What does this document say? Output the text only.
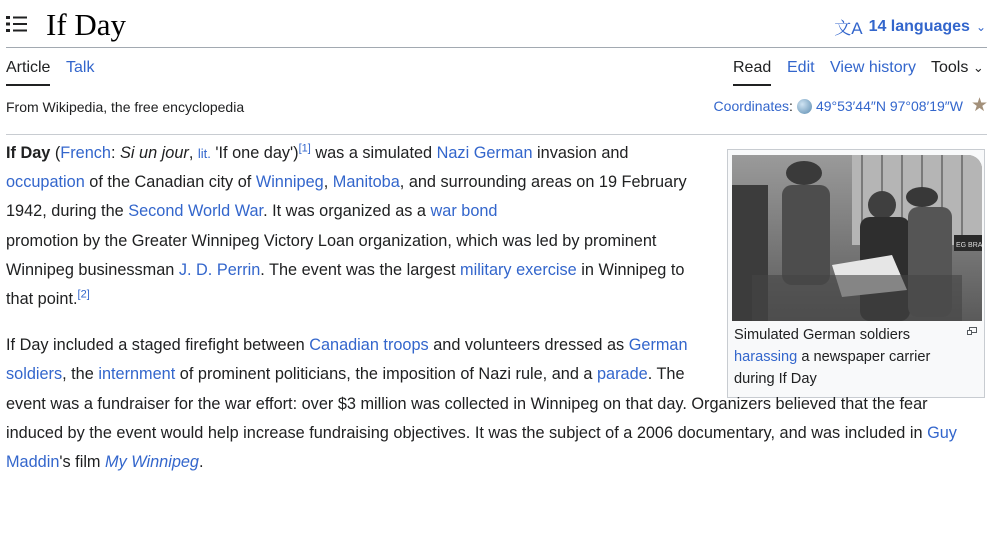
If Day	文A 14 languages ⌄
Article Talk	Read Edit View history Tools ⌄
From Wikipedia, the free encyclopedia	Coordinates: 49°53′44″N 97°08′19″W ★
EG BRA
Simulated German soldiers harassing a newspaper carrier during If Day

If Day (French: Si un jour, lit. 'If one day')[1] was a simulated Nazi German invasion and occupation of the Canadian city of Winnipeg, Manitoba, and surrounding areas on 19 February 1942, during the Second World War. It was organized as a war bond
promotion by the Greater Winnipeg Victory Loan organization, which was led by prominent Winnipeg businessman J. D. Perrin. The event was the largest military exercise in Winnipeg to that point.[2]

If Day included a staged firefight between Canadian troops and volunteers dressed as German soldiers, the internment of prominent politicians, the imposition of Nazi rule, and a parade. The event was a fundraiser for the war effort: over $3 million was collected in Winnipeg on that day. Organizers believed that the fear induced by the event would help increase fundraising objectives. It was the subject of a 2006 documentary, and was included in Guy Maddin's film My Winnipeg.
